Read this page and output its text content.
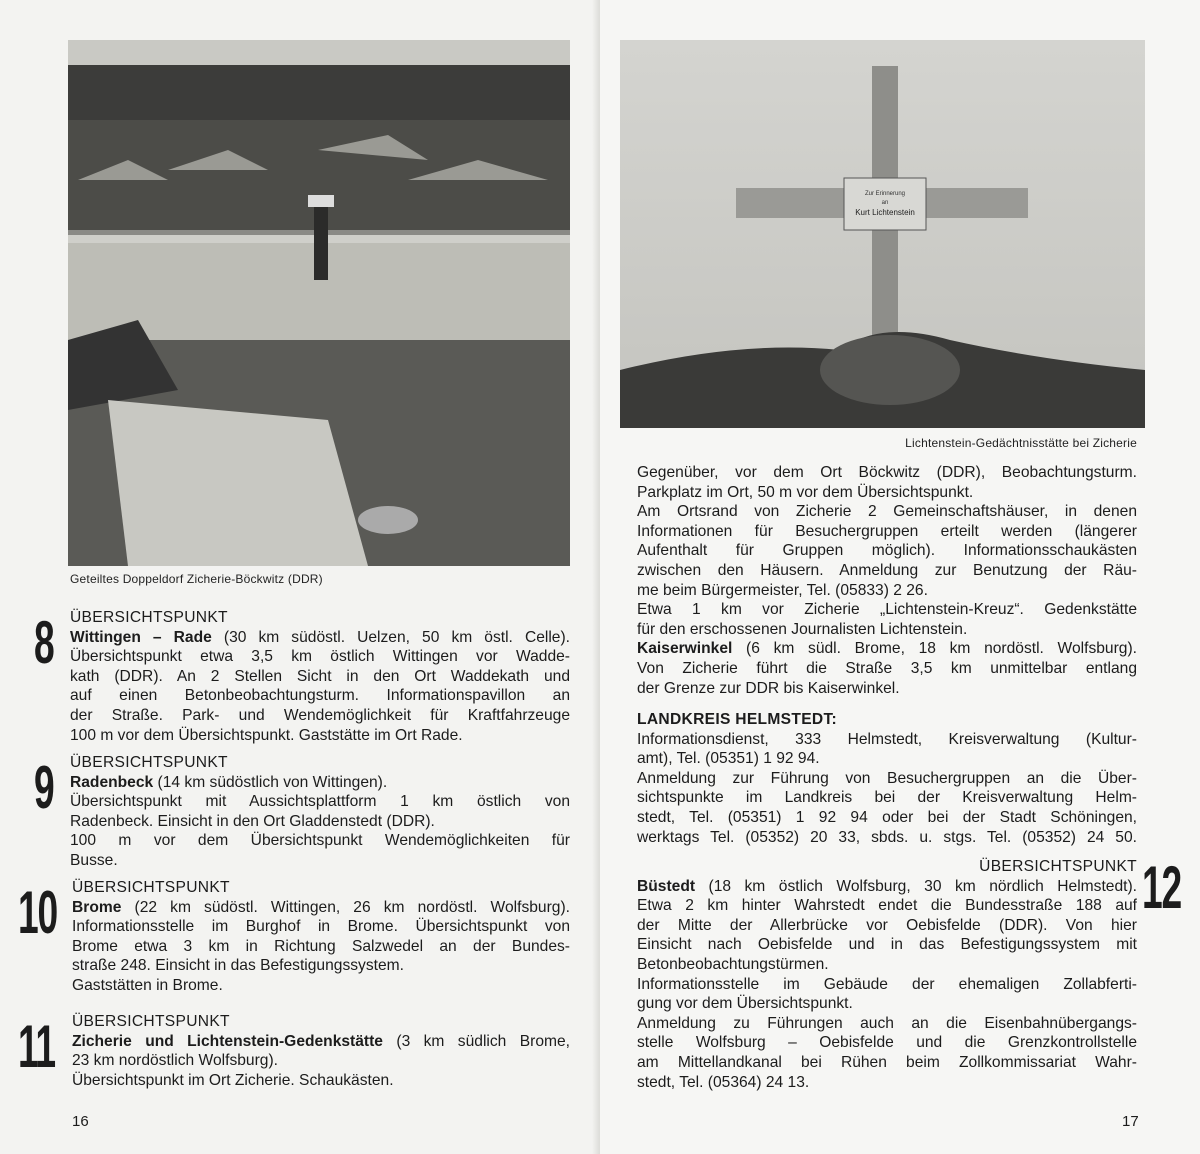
Geteiltes Doppeldorf Zicherie-Böckwitz (DDR)
8 ÜBERSICHTSPUNKT
Wittingen – Rade (30 km südöstl. Uelzen, 50 km östl. Celle).
Übersichtspunkt etwa 3,5 km östlich Wittingen vor Wadde-
kath (DDR). An 2 Stellen Sicht in den Ort Waddekath und
auf einen Betonbeobachtungsturm. Informationspavillon an
der Straße. Park- und Wendemöglichkeit für Kraftfahrzeuge
100 m vor dem Übersichtspunkt. Gaststätte im Ort Rade.
9 ÜBERSICHTSPUNKT
Radenbeck (14 km südöstlich von Wittingen).
Übersichtspunkt mit Aussichtsplattform 1 km östlich von
Radenbeck. Einsicht in den Ort Gladdenstedt (DDR).
100 m vor dem Übersichtspunkt Wendemöglichkeiten für
Busse.
10 ÜBERSICHTSPUNKT
Brome (22 km südöstl. Wittingen, 26 km nordöstl. Wolfsburg).
Informationsstelle im Burghof in Brome. Übersichtspunkt von
Brome etwa 3 km in Richtung Salzwedel an der Bundes-
straße 248. Einsicht in das Befestigungssystem.
Gaststätten in Brome.
11 ÜBERSICHTSPUNKT
Zicherie und Lichtenstein-Gedenkstätte (3 km südlich Brome,
23 km nordöstlich Wolfsburg).
Übersichtspunkt im Ort Zicherie. Schaukästen.
16
Zur Erinnerung
an
Kurt Lichtenstein
Lichtenstein-Gedächtnisstätte bei Zicherie
Gegenüber, vor dem Ort Böckwitz (DDR), Beobachtungsturm.
Parkplatz im Ort, 50 m vor dem Übersichtspunkt.
Am Ortsrand von Zicherie 2 Gemeinschaftshäuser, in denen
Informationen für Besuchergruppen erteilt werden (längerer
Aufenthalt für Gruppen möglich). Informationsschaukästen
zwischen den Häusern. Anmeldung zur Benutzung der Räu-
me beim Bürgermeister, Tel. (05833) 2 26.
Etwa 1 km vor Zicherie „Lichtenstein-Kreuz“. Gedenkstätte
für den erschossenen Journalisten Lichtenstein.
Kaiserwinkel (6 km südl. Brome, 18 km nordöstl. Wolfsburg).
Von Zicherie führt die Straße 3,5 km unmittelbar entlang
der Grenze zur DDR bis Kaiserwinkel.
LANDKREIS HELMSTEDT:
Informationsdienst, 333 Helmstedt, Kreisverwaltung (Kultur-
amt), Tel. (05351) 1 92 94.
Anmeldung zur Führung von Besuchergruppen an die Über-
sichtspunkte im Landkreis bei der Kreisverwaltung Helm-
stedt, Tel. (05351) 1 92 94 oder bei der Stadt Schöningen,
werktags Tel. (05352) 20 33, sbds. u. stgs. Tel. (05352) 24 50.
ÜBERSICHTSPUNKT 12
Büstedt (18 km östlich Wolfsburg, 30 km nördlich Helmstedt).
Etwa 2 km hinter Wahrstedt endet die Bundesstraße 188 auf
der Mitte der Allerbrücke vor Oebisfelde (DDR). Von hier
Einsicht nach Oebisfelde und in das Befestigungssystem mit
Betonbeobachtungstürmen.
Informationsstelle im Gebäude der ehemaligen Zollabferti-
gung vor dem Übersichtspunkt.
Anmeldung zu Führungen auch an die Eisenbahnübergangs-
stelle Wolfsburg – Oebisfelde und die Grenzkontrollstelle
am Mittellandkanal bei Rühen beim Zollkommissariat Wahr-
stedt, Tel. (05364) 24 13.
17
